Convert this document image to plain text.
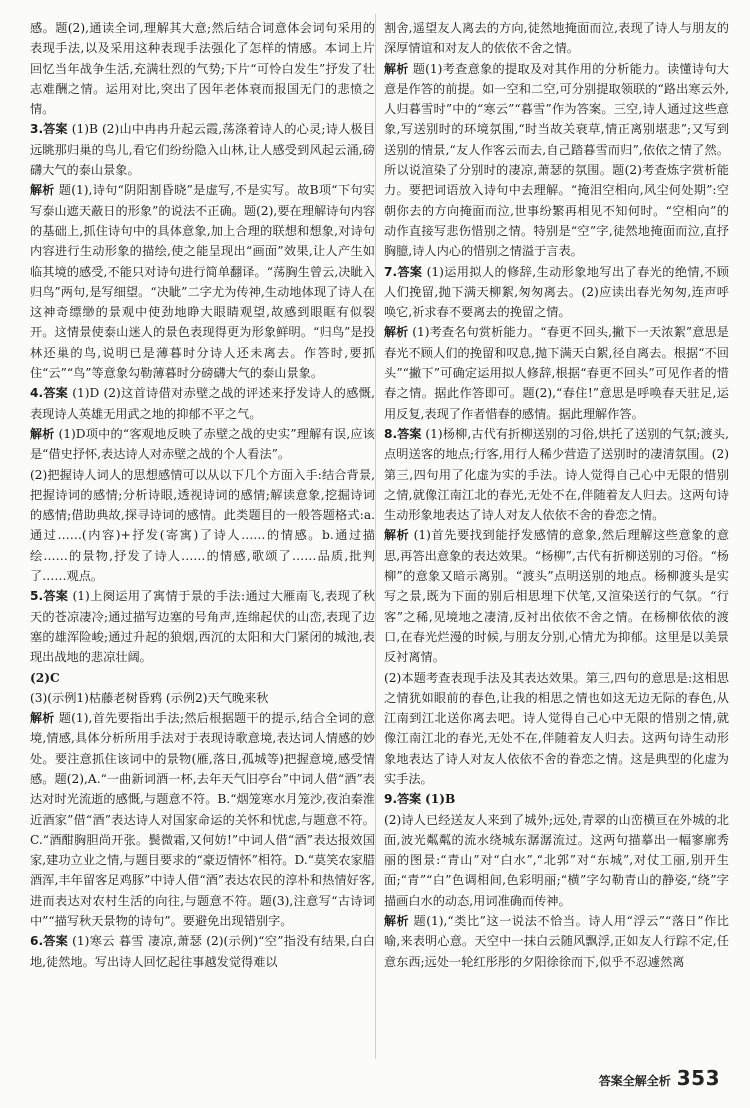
感。题(2),通读全词,理解其大意;然后结合词意体会词句采用的表现手法,以及采用这种表现手法强化了怎样的情感。本词上片回忆当年战争生活,充满壮烈的气势;下片“可怜白发生”抒发了壮志难酬之情。运用对比,突出了因年老体衰而报国无门的悲愤之情。

3.答案 (1)B (2)山中冉冉升起云霞,荡涤着诗人的心灵;诗人极目远眺那归巢的鸟儿,看它们纷纷隐入山林,让人感受到风起云涌,磅礴大气的泰山景象。

解析 题(1),诗句“阴阳割昏晓”是虚写,不是实写。故B项“下句实写泰山遮天蔽日的形象”的说法不正确。题(2),要在理解诗句内容的基础上,抓住诗句中的具体意象,加上合理的联想和想象,对诗句内容进行生动形象的描绘,使之能呈现出“画面”效果,让人产生如临其境的感受,不能只对诗句进行简单翻译。“荡胸生曾云,决眦入归鸟”两句,是写细望。“决眦”二字尤为传神,生动地体现了诗人在这神奇缥缈的景观中使劲地睁大眼睛观望,故感到眼眶有似裂开。这情景使泰山迷人的景色表现得更为形象鲜明。“归鸟”是投林还巢的鸟,说明已是薄暮时分诗人还未离去。作答时,要抓住“云”“鸟”等意象勾勒薄暮时分磅礴大气的泰山景象。

4.答案 (1)D (2)这首诗借对赤壁之战的评述来抒发诗人的感慨,表现诗人英雄无用武之地的抑郁不平之气。

解析 (1)D项中的“客观地反映了赤壁之战的史实”理解有误,应该是“借史抒怀,表达诗人对赤壁之战的个人看法”。

(2)把握诗人词人的思想感情可以从以下几个方面入手:结合背景,把握诗词的感情;分析诗眼,透视诗词的感情;解读意象,挖掘诗词的感情;借助典故,探寻诗词的感情。此类题目的一般答题格式:a.通过……(内容)+抒发(寄寓)了诗人……的情感。b.通过描绘……的景物,抒发了诗人……的情感,歌颂了……品质,批判了……观点。

5.答案 (1)上阕运用了寓情于景的手法:通过大雁南飞,表现了秋天的苍凉凄冷;通过描写边塞的号角声,连绵起伏的山峦,表现了边塞的雄浑险峻;通过升起的狼烟,西沉的太阳和大门紧闭的城池,表现出战地的悲凉壮阔。

(2)C

(3)(示例1)枯藤老树昏鸦 (示例2)天气晚来秋

解析 题(1),首先要指出手法;然后根据题干的提示,结合全词的意境,情感,具体分析所用手法对于表现诗歌意境,表达词人情感的妙处。要注意抓住该词中的景物(雁,落日,孤城等)把握意境,感受情感。题(2),A.“一曲新词酒一杯,去年天气旧亭台”中词人借“酒”表达对时光流逝的感慨,与题意不符。B.“烟笼寒水月笼沙,夜泊秦淮近酒家”借“酒”表达诗人对国家命运的关怀和忧虑,与题意不符。C.“酒酣胸胆尚开张。鬓微霜,又何妨!”中词人借“酒”表达报效国家,建功立业之情,与题目要求的“豪迈情怀”相符。D.“莫笑农家腊酒浑,丰年留客足鸡豚”中诗人借“酒”表达农民的淳朴和热情好客,进而表达对农村生活的向往,与题意不符。题(3),注意写“古诗词中”“描写秋天景物的诗句”。要避免出现错别字。

6.答案 (1)寒云 暮雪 凄凉,萧瑟 (2)(示例)“空”指没有结果,白白地,徒然地。写出诗人回忆起往事越发觉得难以

割舍,遥望友人离去的方向,徒然地掩面而泣,表现了诗人与朋友的深厚情谊和对友人的依依不舍之情。

解析 题(1)考查意象的提取及对其作用的分析能力。读懂诗句大意是作答的前提。如一空和二空,可分别提取领联的“路出寒云外,人归暮雪时”中的“寒云”“暮雪”作为答案。三空,诗人通过这些意象,写送别时的环境氛围,“时当故关衰草,情正离别堪悲”;又写到送别的情景,“友人作客云而去,自己踏暮雪而归”,依依之情了然。所以说渲染了分别时的凄凉,萧瑟的氛围。题(2)考查炼字赏析能力。要把词语放入诗句中去理解。“掩泪空相向,风尘何处期”:空朝你去的方向掩面而泣,世事纷繁再相见不知何时。“空相向”的动作直接写悲伤惜别之情。特别是“空”字,徒然地掩面而泣,直抒胸臆,诗人内心的惜别之情溢于言表。

7.答案 (1)运用拟人的修辞,生动形象地写出了春光的绝情,不顾人们挽留,抛下满天柳絮,匆匆离去。(2)应读出春光匆匆,连声呼唤它,祈求春不要离去的挽留之情。

解析 (1)考查名句赏析能力。“春更不回头,撇下一天浓絮”意思是春光不顾人们的挽留和叹息,抛下满天白絮,径自离去。根据“不回头”“撇下”可确定运用拟人修辞,根据“春更不回头”可见作者的惜春之情。据此作答即可。题(2),“春住!”意思是呼唤春天驻足,运用反复,表现了作者惜春的感情。据此理解作答。

8.答案 (1)杨柳,古代有折柳送别的习俗,烘托了送别的气氛;渡头,点明送客的地点;行客,用行人稀少营造了送别时的凄清氛围。(2)第三,四句用了化虚为实的手法。诗人觉得自己心中无限的惜别之情,就像江南江北的春光,无处不在,伴随着友人归去。这两句诗生动形象地表达了诗人对友人依依不舍的眷恋之情。

解析 (1)首先要找到能抒发感情的意象,然后理解这些意象的意思,再答出意象的表达效果。“杨柳”,古代有折柳送别的习俗。“杨柳”的意象又暗示离别。“渡头”点明送别的地点。杨柳渡头是实写之景,既为下面的别后相思埋下伏笔,又渲染送行的气氛。“行客”之稀,见境地之凄清,反衬出依依不舍之情。在杨柳依依的渡口,在春光烂漫的时候,与朋友分别,心情尤为抑郁。这里是以美景反衬离情。

(2)本题考查表现手法及其表达效果。第三,四句的意思是:这相思之情犹如眼前的春色,让我的相思之情也如这无边无际的春色,从江南到江北送你离去吧。诗人觉得自己心中无限的惜别之情,就像江南江北的春光,无处不在,伴随着友人归去。这两句诗生动形象地表达了诗人对友人依依不舍的眷恋之情。这是典型的化虚为实手法。

9.答案 (1)B

(2)诗人已经送友人来到了城外;远处,青翠的山峦横亘在外城的北面,波光粼粼的流水绕城东潺潺流过。这两句描摹出一幅寥廓秀丽的图景:“青山”对“白水”,“北郭”对“东城”,对仗工丽,别开生面;“青”“白”色调相间,色彩明丽;“横”字勾勒青山的静姿,“绕”字描画白水的动态,用词准确而传神。

解析 题(1),“类比”这一说法不恰当。诗人用“浮云”“落日”作比喻,来表明心意。天空中一抹白云随风飘浮,正如友人行踪不定,任意东西;远处一轮红彤彤的夕阳徐徐而下,似乎不忍遽然离

答案全解全析 353
